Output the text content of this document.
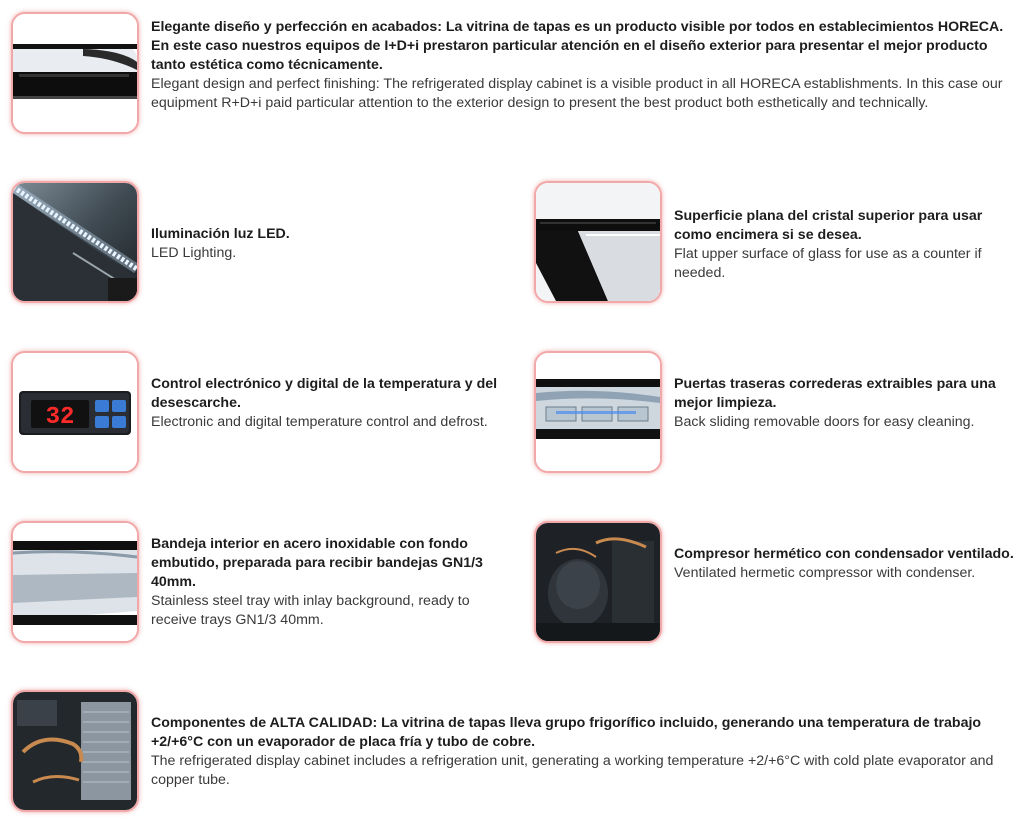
Elegante diseño y perfección en acabados: La vitrina de tapas es un producto visible por todos en establecimientos HORECA. En este caso nuestros equipos de I+D+i prestaron particular atención en el diseño exterior para presentar el mejor producto tanto estética como técnicamente.
Elegant design and perfect finishing: The refrigerated display cabinet is a visible product in all HORECA establishments. In this case our equipment R+D+i paid particular attention to the exterior design to present the best product both esthetically and technically.
Iluminación luz LED.
LED Lighting.
Superficie plana del cristal superior para usar como encimera si se desea.
Flat upper surface of glass for use as a counter if needed.
32
Control electrónico y digital de la temperatura y del desescarche.
Electronic and digital temperature control and defrost.
Puertas traseras correderas extraibles para una mejor limpieza.
Back sliding removable doors for easy cleaning.
Bandeja interior en acero inoxidable con fondo embutido, preparada para recibir bandejas GN1/3 40mm.
Stainless steel tray with inlay background, ready to receive trays GN1/3 40mm.
Compresor hermético con condensador ventilado.
Ventilated hermetic compressor with condenser.
Componentes de ALTA CALIDAD: La vitrina de tapas lleva grupo frigorífico incluido, generando una temperatura de trabajo +2/+6°C con un evaporador de placa fría y tubo de cobre.
The refrigerated display cabinet includes a refrigeration unit, generating a working temperature +2/+6°C with cold plate evaporator and copper tube.
